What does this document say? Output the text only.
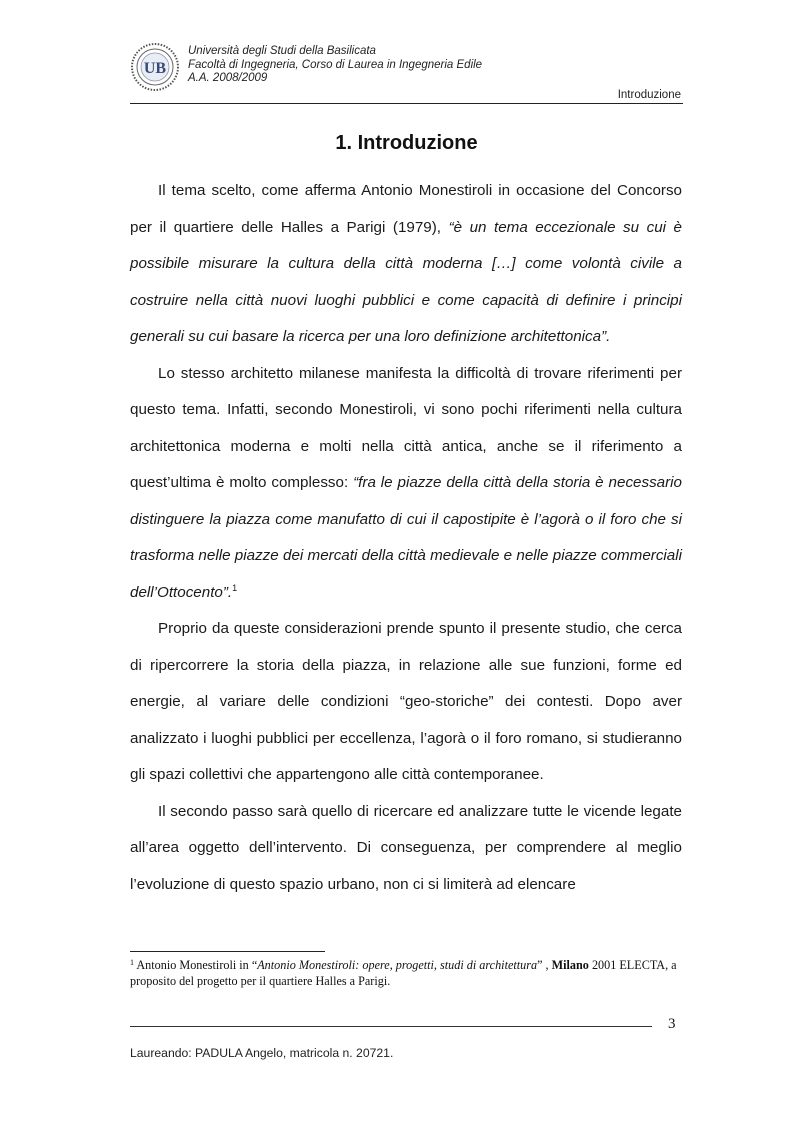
UB
Università degli Studi della Basilicata
Facoltà di Ingegneria, Corso di Laurea in Ingegneria Edile
A.A. 2008/2009
Introduzione
1. Introduzione

Il tema scelto, come afferma Antonio Monestiroli in occasione del Concorso per il quartiere delle Halles a Parigi (1979), “è un tema eccezionale su cui è possibile misurare la cultura della città moderna […] come volontà civile a costruire nella città nuovi luoghi pubblici e come capacità di definire i principi generali su cui basare la ricerca per una loro definizione architettonica”.

Lo stesso architetto milanese manifesta la difficoltà di trovare riferimenti per questo tema. Infatti, secondo Monestiroli, vi sono pochi riferimenti nella cultura architettonica moderna e molti nella città antica, anche se il riferimento a quest’ultima è molto complesso: “fra le piazze della città della storia è necessario distinguere la piazza come manufatto di cui il capostipite è l’agorà o il foro che si trasforma nelle piazze dei mercati della città medievale e nelle piazze commerciali dell’Ottocento”.$^1$

Proprio da queste considerazioni prende spunto il presente studio, che cerca di ripercorrere la storia della piazza, in relazione alle sue funzioni, forme ed energie, al variare delle condizioni “geo-storiche” dei contesti. Dopo aver analizzato i luoghi pubblici per eccellenza, l’agorà o il foro romano, si studieranno gli spazi collettivi che appartengono alle città contemporanee.

Il secondo passo sarà quello di ricercare ed analizzare tutte le vicende legate all’area oggetto dell’intervento. Di conseguenza, per comprendere al meglio l’evoluzione di questo spazio urbano, non ci si limiterà ad elencare

$^1$ Antonio Monestiroli in “Antonio Monestiroli: opere, progetti, studi di architettura” , Milano 2001 ELECTA, a proposito del progetto per il quartiere Halles a Parigi.
3
Laureando: PADULA Angelo, matricola n. 20721.
